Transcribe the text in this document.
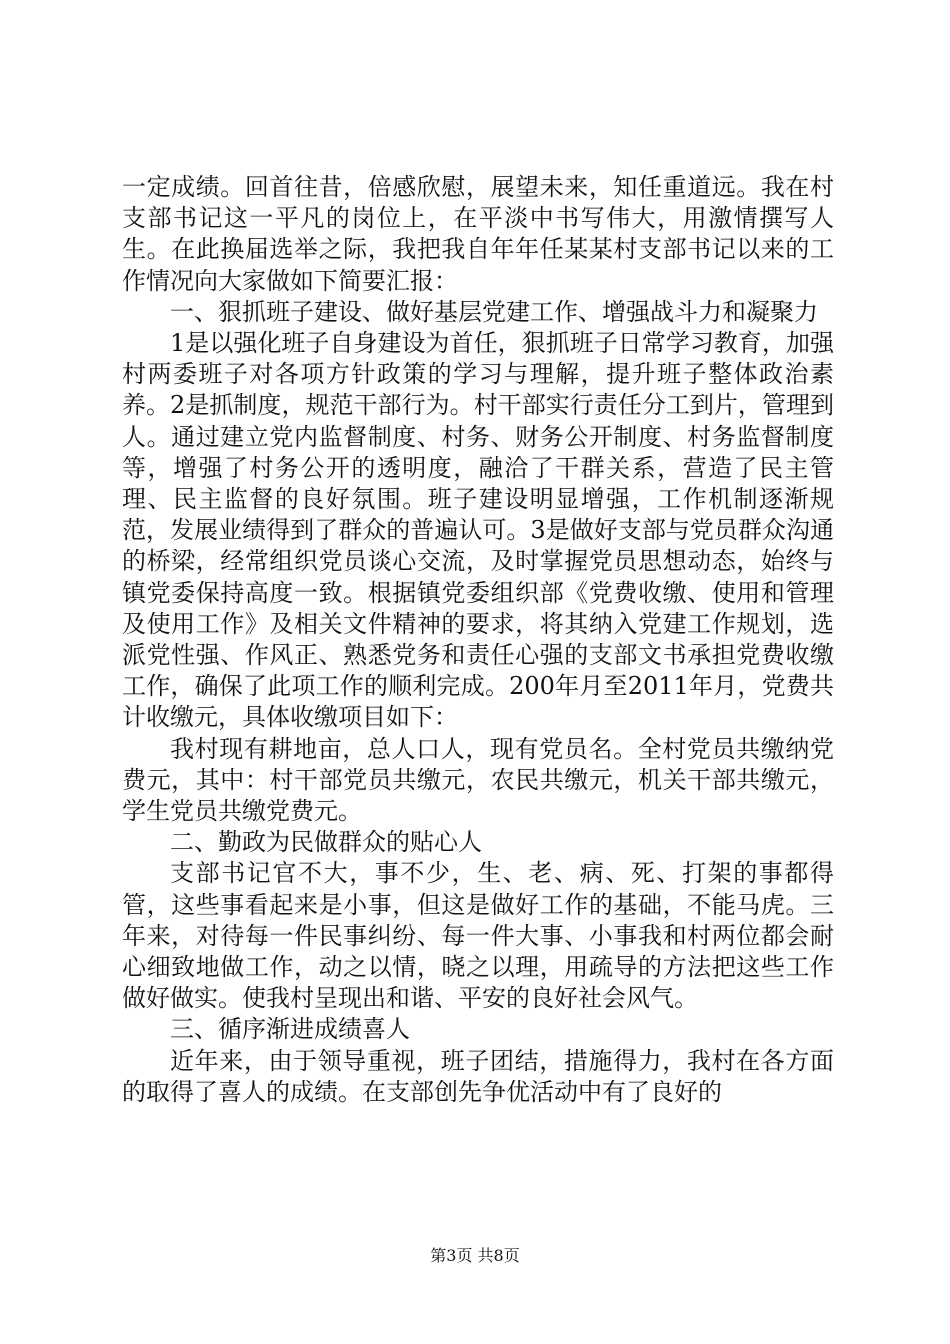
一定成绩。回首往昔，倍感欣慰，展望未来，知任重道远。我在村支部书记这一平凡的岗位上，在平淡中书写伟大，用激情撰写人生。在此换届选举之际，我把我自年年任某某村支部书记以来的工作情况向大家做如下简要汇报：

一、狠抓班子建设、做好基层党建工作、增强战斗力和凝聚力

1是以强化班子自身建设为首任，狠抓班子日常学习教育，加强村两委班子对各项方针政策的学习与理解，提升班子整体政治素养。2是抓制度，规范干部行为。村干部实行责任分工到片，管理到人。通过建立党内监督制度、村务、财务公开制度、村务监督制度等，增强了村务公开的透明度，融洽了干群关系，营造了民主管理、民主监督的良好氛围。班子建设明显增强，工作机制逐渐规范，发展业绩得到了群众的普遍认可。3是做好支部与党员群众沟通的桥梁，经常组织党员谈心交流，及时掌握党员思想动态，始终与镇党委保持高度一致。根据镇党委组织部《党费收缴、使用和管理及使用工作》及相关文件精神的要求，将其纳入党建工作规划，选派党性强、作风正、熟悉党务和责任心强的支部文书承担党费收缴工作，确保了此项工作的顺利完成。200年月至2011年月，党费共计收缴元，具体收缴项目如下：

我村现有耕地亩，总人口人，现有党员名。全村党员共缴纳党费元，其中：村干部党员共缴元，农民共缴元，机关干部共缴元，学生党员共缴党费元。

二、勤政为民做群众的贴心人

支部书记官不大，事不少，生、老、病、死、打架的事都得管，这些事看起来是小事，但这是做好工作的基础，不能马虎。三年来，对待每一件民事纠纷、每一件大事、小事我和村两位都会耐心细致地做工作，动之以情，晓之以理，用疏导的方法把这些工作做好做实。使我村呈现出和谐、平安的良好社会风气。

三、循序渐进成绩喜人

近年来，由于领导重视，班子团结，措施得力，我村在各方面的取得了喜人的成绩。在支部创先争优活动中有了良好的

第3页 共8页
